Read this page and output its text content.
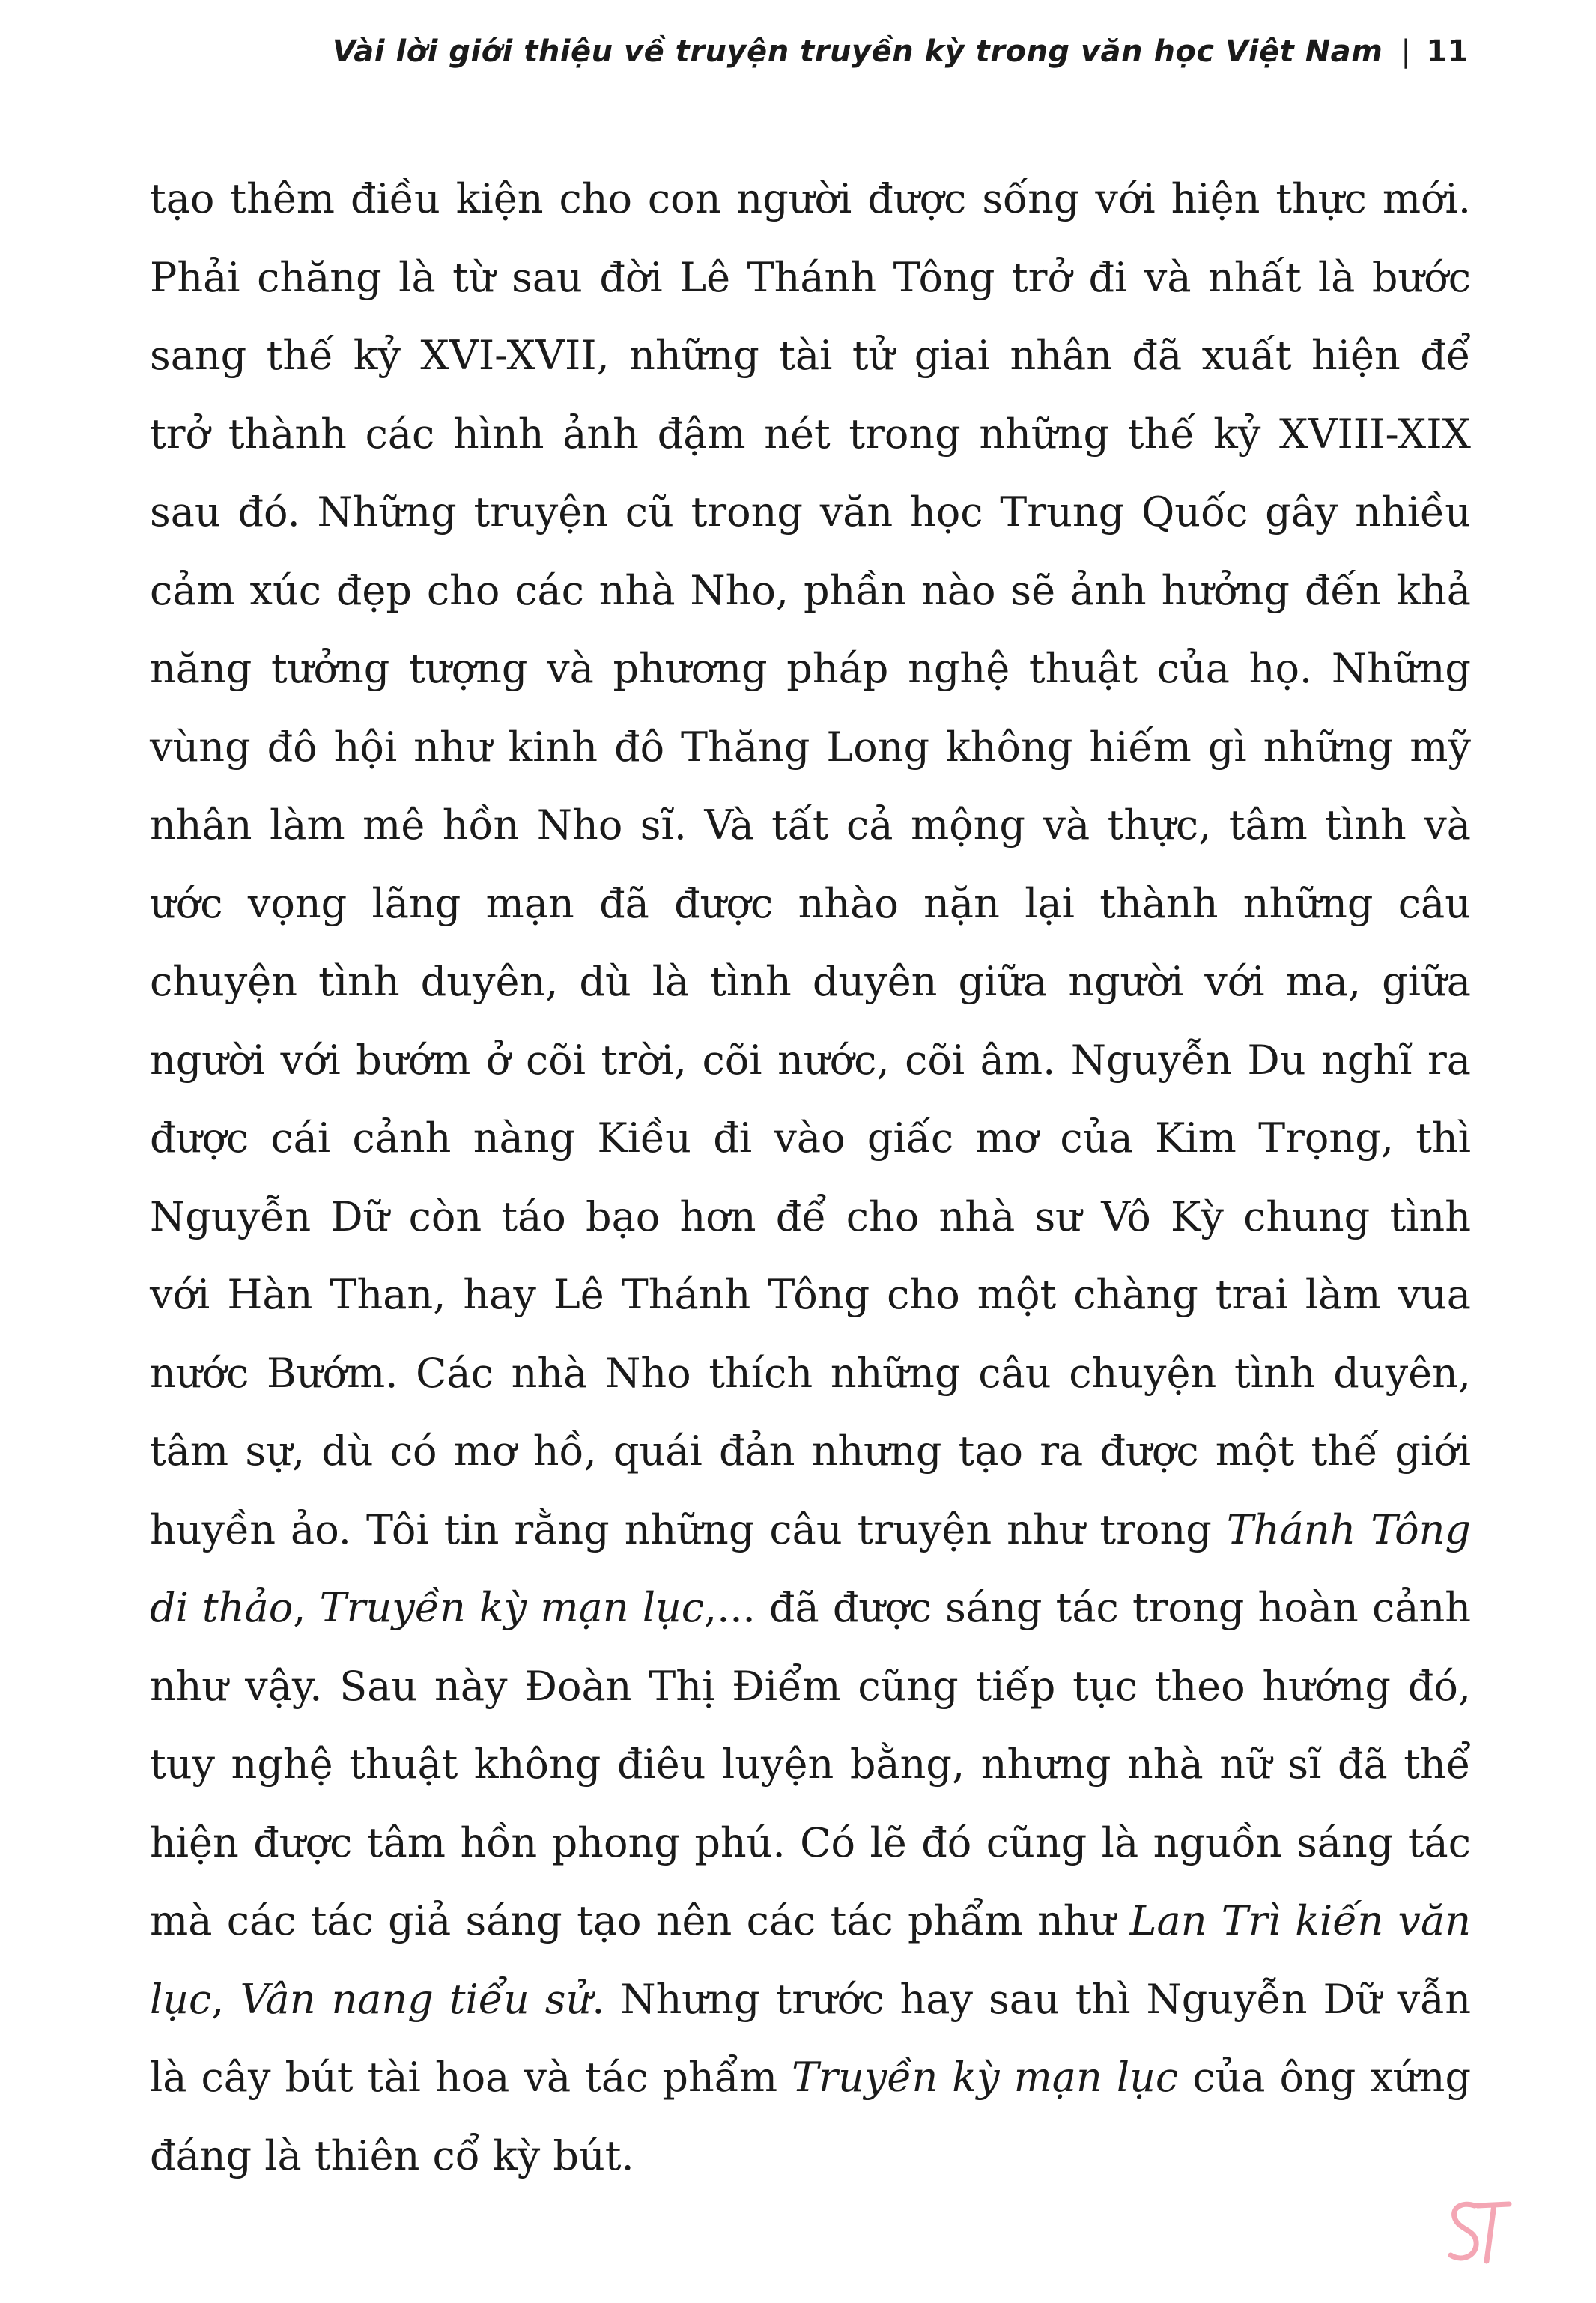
Vài lời giới thiệu về truyện truyền kỳ trong văn học Việt Nam | 11
tạo thêm điều kiện cho con người được sống với hiện thực mới.
Phải chăng là từ sau đời Lê Thánh Tông trở đi và nhất là bước
sang thế kỷ XVI-XVII, những tài tử giai nhân đã xuất hiện để
trở thành các hình ảnh đậm nét trong những thế kỷ XVIII-XIX
sau đó. Những truyện cũ trong văn học Trung Quốc gây nhiều
cảm xúc đẹp cho các nhà Nho, phần nào sẽ ảnh hưởng đến khả
năng tưởng tượng và phương pháp nghệ thuật của họ. Những
vùng đô hội như kinh đô Thăng Long không hiếm gì những mỹ
nhân làm mê hồn Nho sĩ. Và tất cả mộng và thực, tâm tình và
ước vọng lãng mạn đã được nhào nặn lại thành những câu
chuyện tình duyên, dù là tình duyên giữa người với ma, giữa
người với bướm ở cõi trời, cõi nước, cõi âm. Nguyễn Du nghĩ ra
được cái cảnh nàng Kiều đi vào giấc mơ của Kim Trọng, thì
Nguyễn Dữ còn táo bạo hơn để cho nhà sư Vô Kỳ chung tình
với Hàn Than, hay Lê Thánh Tông cho một chàng trai làm vua
nước Bướm. Các nhà Nho thích những câu chuyện tình duyên,
tâm sự, dù có mơ hồ, quái đản nhưng tạo ra được một thế giới
huyền ảo. Tôi tin rằng những câu truyện như trong Thánh Tông
di thảo, Truyền kỳ mạn lục,... đã được sáng tác trong hoàn cảnh
như vậy. Sau này Đoàn Thị Điểm cũng tiếp tục theo hướng đó,
tuy nghệ thuật không điêu luyện bằng, nhưng nhà nữ sĩ đã thể
hiện được tâm hồn phong phú. Có lẽ đó cũng là nguồn sáng tác
mà các tác giả sáng tạo nên các tác phẩm như Lan Trì kiến văn
lục, Vân nang tiểu sử. Nhưng trước hay sau thì Nguyễn Dữ vẫn
là cây bút tài hoa và tác phẩm Truyền kỳ mạn lục của ông xứng
đáng là thiên cổ kỳ bút.
